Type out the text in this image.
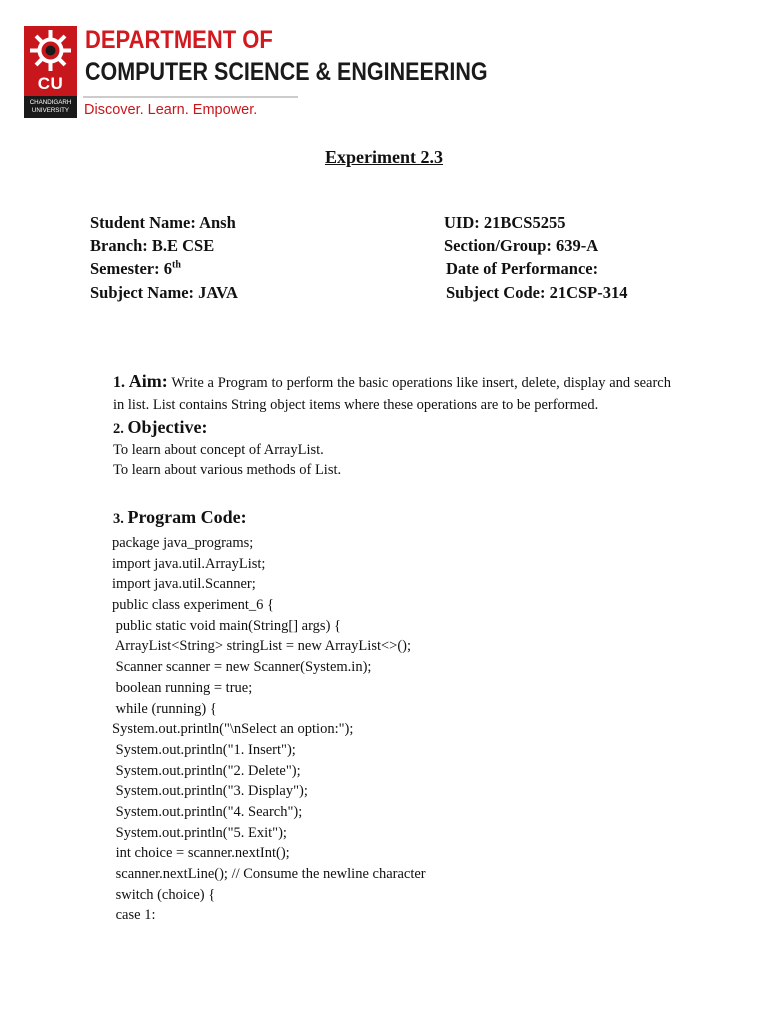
CU
CHANDIGARH UNIVERSITY
DEPARTMENT OF
COMPUTER SCIENCE & ENGINEERING
Discover. Learn. Empower.
Experiment 2.3
Student Name: Ansh	UID: 21BCS5255
Branch: B.E CSE	Section/Group: 639-A
Semester: 6th	Date of Performance:
Subject Name: JAVA	Subject Code: 21CSP-314
1. Aim: Write a Program to perform the basic operations like insert, delete, display and search in list. List contains String object items where these operations are to be performed.
2. Objective:
To learn about concept of ArrayList.
To learn about various methods of List.
3. Program Code:
package java_programs;
import java.util.ArrayList;
import java.util.Scanner;
public class experiment_6 {
public static void main(String[] args) {
ArrayList<String> stringList = new ArrayList<>();
Scanner scanner = new Scanner(System.in);
boolean running = true;
while (running) {
System.out.println("\nSelect an option:");
System.out.println("1. Insert");
System.out.println("2. Delete");
System.out.println("3. Display");
System.out.println("4. Search");
System.out.println("5. Exit");
int choice = scanner.nextInt();
scanner.nextLine(); // Consume the newline character
switch (choice) {
case 1:
